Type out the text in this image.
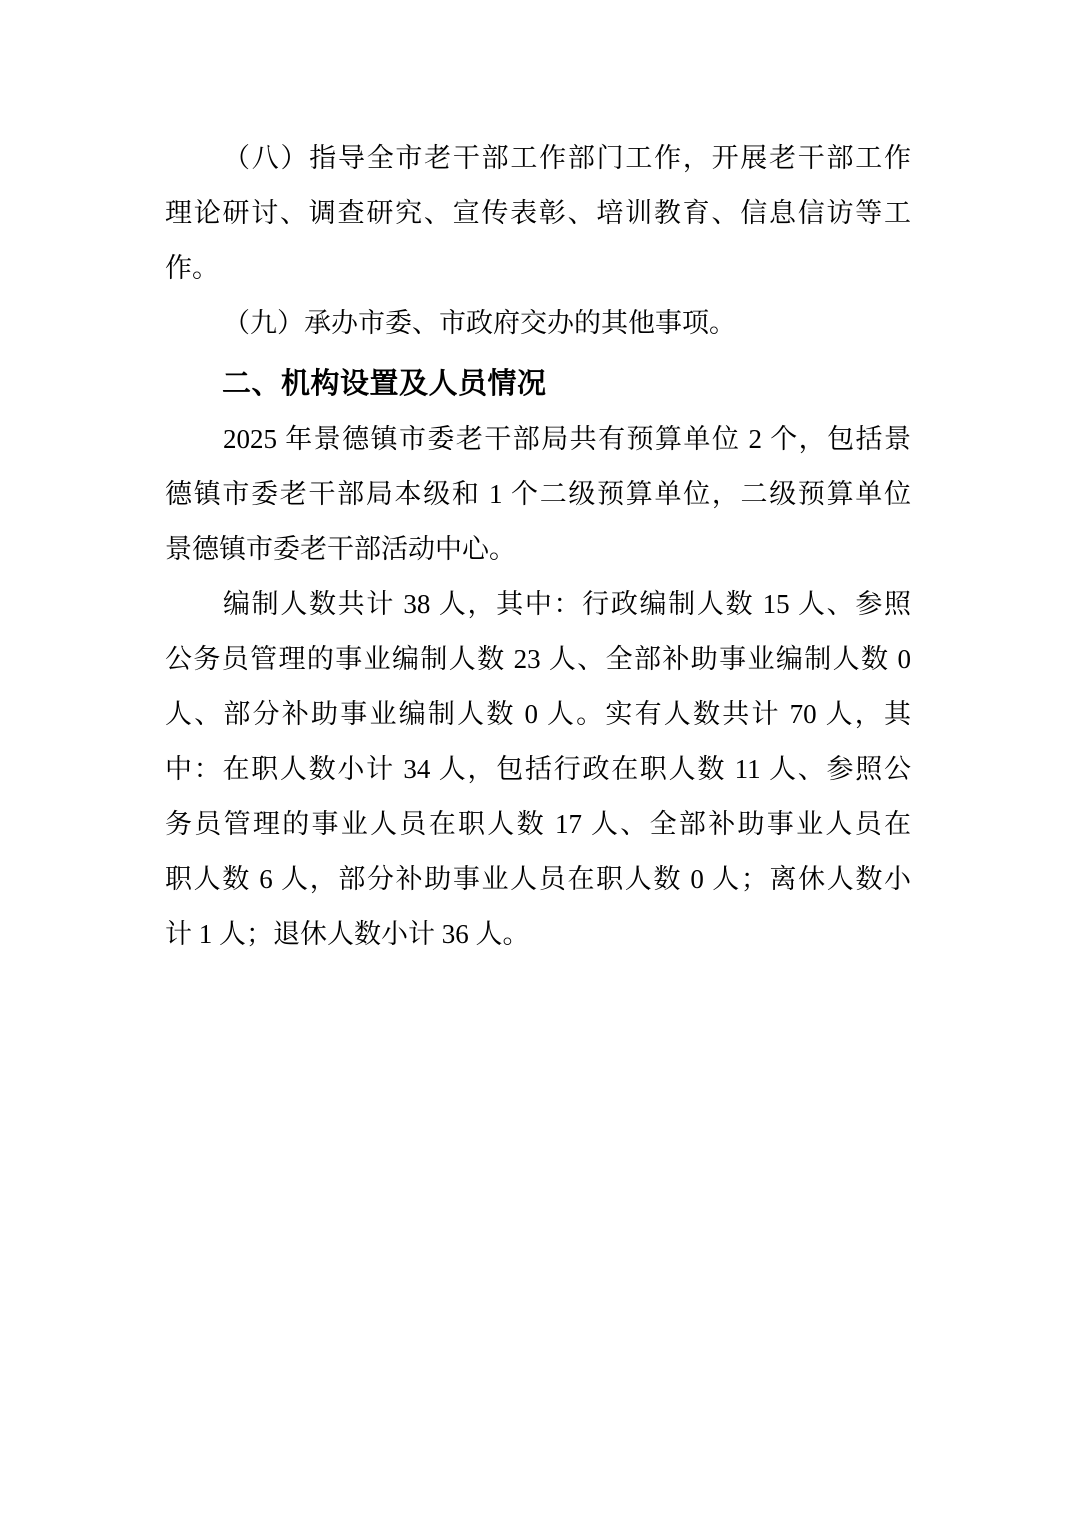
（八）指导全市老干部工作部门工作，开展老干部工作
理论研讨、调查研究、宣传表彰、培训教育、信息信访等工
作。
（九）承办市委、市政府交办的其他事项。
二、机构设置及人员情况
2025 年景德镇市委老干部局共有预算单位 2 个，包括景
德镇市委老干部局本级和 1 个二级预算单位，二级预算单位
景德镇市委老干部活动中心。
编制人数共计 38 人，其中：行政编制人数 15 人、参照
公务员管理的事业编制人数 23 人、全部补助事业编制人数 0
人、部分补助事业编制人数 0 人。实有人数共计 70 人，其
中：在职人数小计 34 人，包括行政在职人数 11 人、参照公
务员管理的事业人员在职人数 17 人、全部补助事业人员在
职人数 6 人，部分补助事业人员在职人数 0 人；离休人数小
计 1 人；退休人数小计 36 人。
